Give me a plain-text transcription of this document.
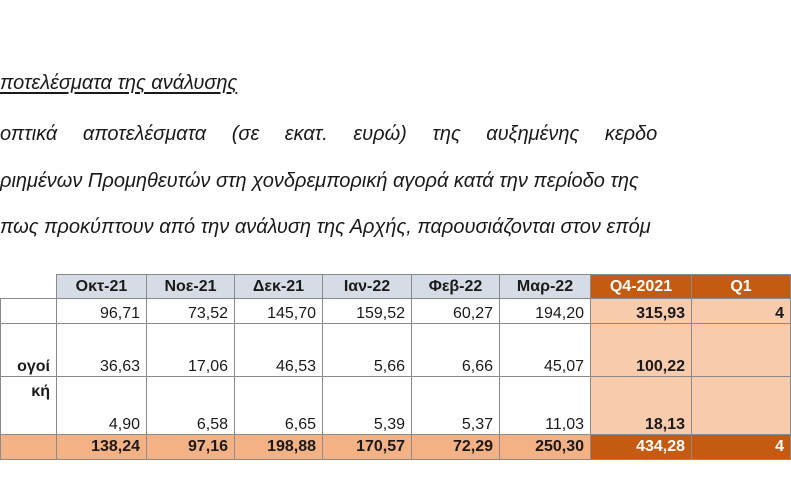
ποτελέσματα της ανάλυσης
οπτικά αποτελέσματα (σε εκατ. ευρώ) της αυξημένης κερδο
ριημένων Προμηθευτών στη χονδρεμπορική αγορά κατά την περίοδο της
πως προκύπτουν από την ανάλυση της Αρχής, παρουσιάζονται στον επόμ
	Οκτ-21	Νοε-21	Δεκ-21	Ιαν-22	Φεβ-22	Μαρ-22	Q4-2021	Q1
	96,71	73,52	145,70	159,52	60,27	194,20	315,93	4
ογοί	36,63	17,06	46,53	5,66	6,66	45,07	100,22	
κή	4,90	6,58	6,65	5,39	5,37	11,03	18,13	
	138,24	97,16	198,88	170,57	72,29	250,30	434,28	4
